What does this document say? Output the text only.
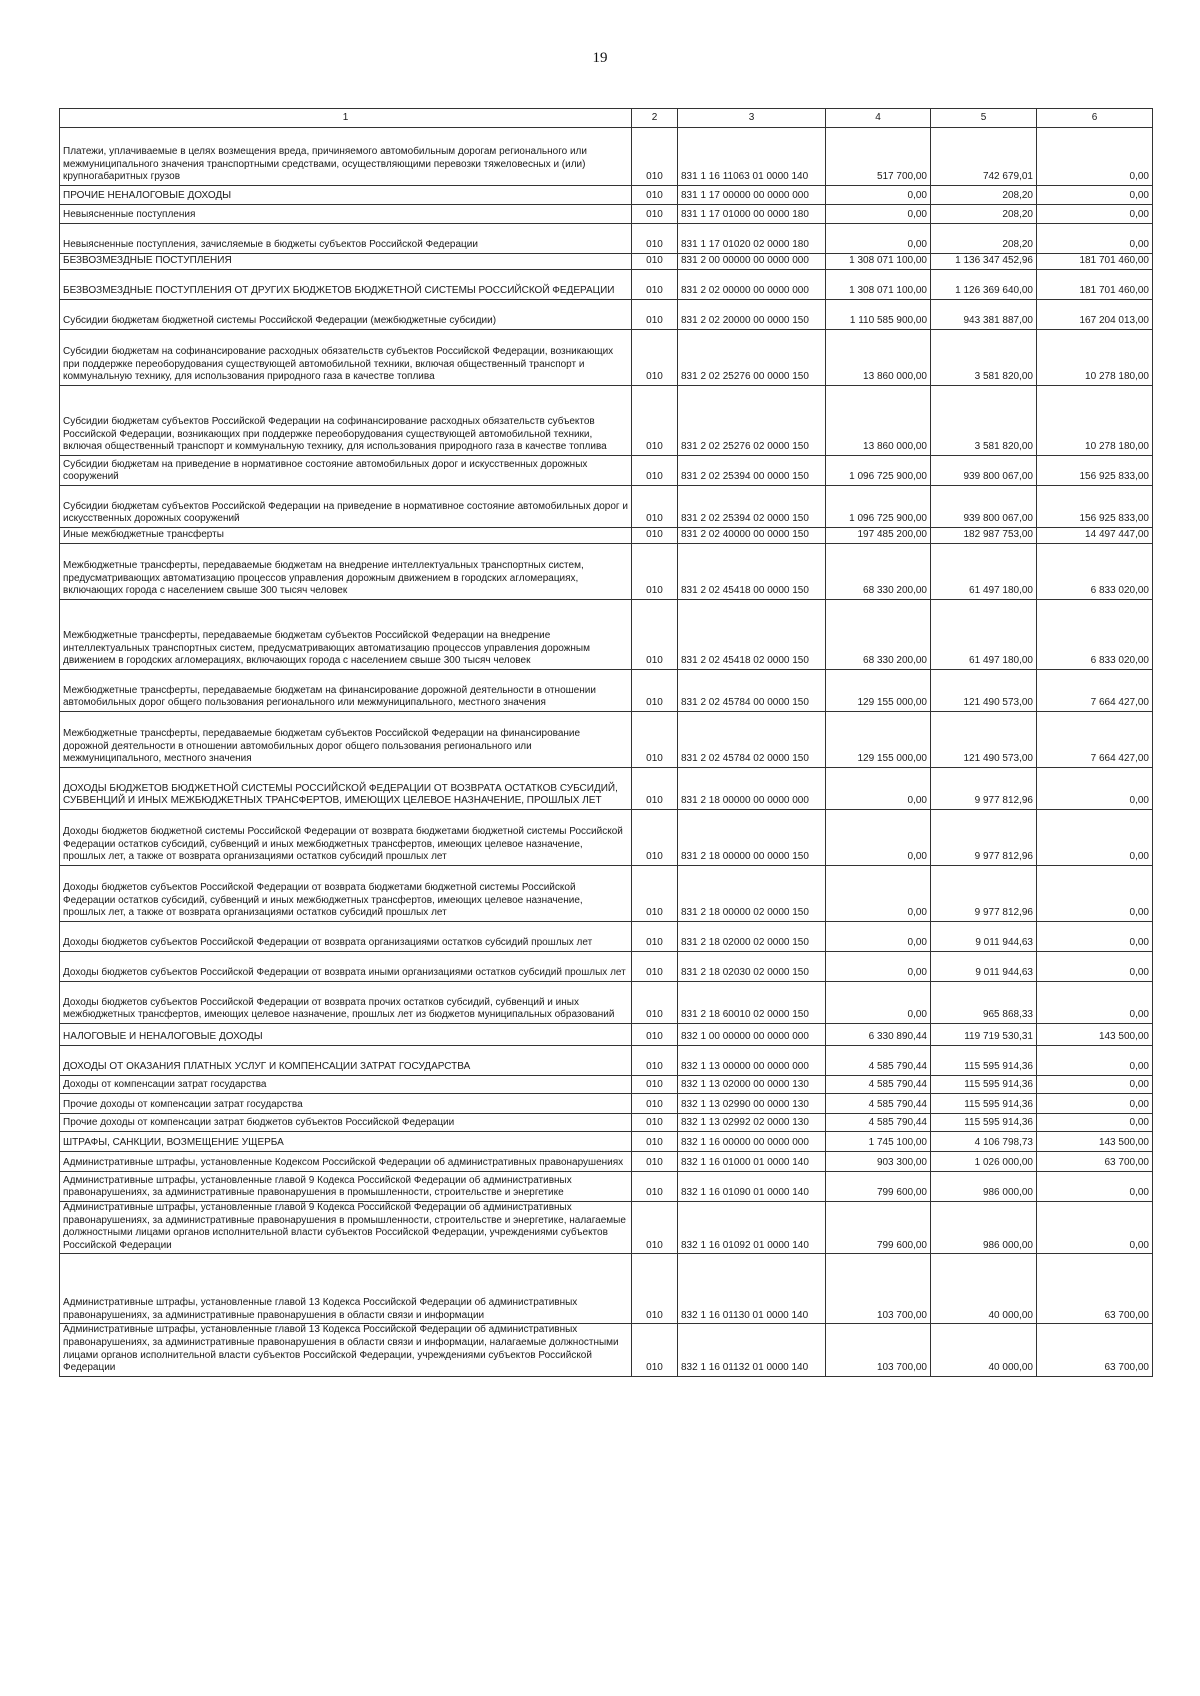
19
1	2	3	4	5	6
Платежи, уплачиваемые в целях возмещения вреда, причиняемого автомобильным дорогам регионального или межмуниципального значения транспортными средствами, осуществляющими перевозки тяжеловесных и (или) крупногабаритных грузов	010	831 1 16 11063 01 0000 140	517 700,00	742 679,01	0,00
ПРОЧИЕ НЕНАЛОГОВЫЕ ДОХОДЫ	010	831 1 17 00000 00 0000 000	0,00	208,20	0,00
Невыясненные поступления	010	831 1 17 01000 00 0000 180	0,00	208,20	0,00
Невыясненные поступления, зачисляемые в бюджеты субъектов Российской Федерации	010	831 1 17 01020 02 0000 180	0,00	208,20	0,00
БЕЗВОЗМЕЗДНЫЕ ПОСТУПЛЕНИЯ	010	831 2 00 00000 00 0000 000	1 308 071 100,00	1 136 347 452,96	181 701 460,00
БЕЗВОЗМЕЗДНЫЕ ПОСТУПЛЕНИЯ ОТ ДРУГИХ БЮДЖЕТОВ БЮДЖЕТНОЙ СИСТЕМЫ РОССИЙСКОЙ ФЕДЕРАЦИИ	010	831 2 02 00000 00 0000 000	1 308 071 100,00	1 126 369 640,00	181 701 460,00
Субсидии бюджетам бюджетной системы Российской Федерации (межбюджетные субсидии)	010	831 2 02 20000 00 0000 150	1 110 585 900,00	943 381 887,00	167 204 013,00
Субсидии бюджетам на софинансирование расходных обязательств субъектов Российской Федерации, возникающих при поддержке переоборудования существующей автомобильной техники, включая общественный транспорт и коммунальную технику, для использования природного газа в качестве топлива	010	831 2 02 25276 00 0000 150	13 860 000,00	3 581 820,00	10 278 180,00
Субсидии бюджетам субъектов Российской Федерации на софинансирование расходных обязательств субъектов Российской Федерации, возникающих при поддержке переоборудования существующей автомобильной техники, включая общественный транспорт и коммунальную технику, для использования природного газа в качестве топлива	010	831 2 02 25276 02 0000 150	13 860 000,00	3 581 820,00	10 278 180,00
Субсидии бюджетам на приведение в нормативное состояние автомобильных дорог и искусственных дорожных сооружений	010	831 2 02 25394 00 0000 150	1 096 725 900,00	939 800 067,00	156 925 833,00
Субсидии бюджетам субъектов Российской Федерации на приведение в нормативное состояние автомобильных дорог и искусственных дорожных сооружений	010	831 2 02 25394 02 0000 150	1 096 725 900,00	939 800 067,00	156 925 833,00
Иные межбюджетные трансферты	010	831 2 02 40000 00 0000 150	197 485 200,00	182 987 753,00	14 497 447,00
Межбюджетные трансферты, передаваемые бюджетам на внедрение интеллектуальных транспортных систем, предусматривающих автоматизацию процессов управления дорожным движением в городских агломерациях, включающих города с населением свыше 300 тысяч человек	010	831 2 02 45418 00 0000 150	68 330 200,00	61 497 180,00	6 833 020,00
Межбюджетные трансферты, передаваемые бюджетам субъектов Российской Федерации на внедрение интеллектуальных транспортных систем, предусматривающих автоматизацию процессов управления дорожным движением в городских агломерациях, включающих города с населением свыше 300 тысяч человек	010	831 2 02 45418 02 0000 150	68 330 200,00	61 497 180,00	6 833 020,00
Межбюджетные трансферты, передаваемые бюджетам на финансирование дорожной деятельности в отношении автомобильных дорог общего пользования регионального или межмуниципального, местного значения	010	831 2 02 45784 00 0000 150	129 155 000,00	121 490 573,00	7 664 427,00
Межбюджетные трансферты, передаваемые бюджетам субъектов Российской Федерации на финансирование дорожной деятельности в отношении автомобильных дорог общего пользования регионального или межмуниципального, местного значения	010	831 2 02 45784 02 0000 150	129 155 000,00	121 490 573,00	7 664 427,00
ДОХОДЫ БЮДЖЕТОВ БЮДЖЕТНОЙ СИСТЕМЫ РОССИЙСКОЙ ФЕДЕРАЦИИ ОТ ВОЗВРАТА ОСТАТКОВ СУБСИДИЙ, СУБВЕНЦИЙ И ИНЫХ МЕЖБЮДЖЕТНЫХ ТРАНСФЕРТОВ, ИМЕЮЩИХ ЦЕЛЕВОЕ НАЗНАЧЕНИЕ, ПРОШЛЫХ ЛЕТ	010	831 2 18 00000 00 0000 000	0,00	9 977 812,96	0,00
Доходы бюджетов бюджетной системы Российской Федерации от возврата бюджетами бюджетной системы Российской Федерации остатков субсидий, субвенций и иных межбюджетных трансфертов, имеющих целевое назначение, прошлых лет, а также от возврата организациями остатков субсидий прошлых лет	010	831 2 18 00000 00 0000 150	0,00	9 977 812,96	0,00
Доходы бюджетов субъектов Российской Федерации от возврата бюджетами бюджетной системы Российской Федерации остатков субсидий, субвенций и иных межбюджетных трансфертов, имеющих целевое назначение, прошлых лет, а также от возврата организациями остатков субсидий прошлых лет	010	831 2 18 00000 02 0000 150	0,00	9 977 812,96	0,00
Доходы бюджетов субъектов Российской Федерации от возврата организациями остатков субсидий прошлых лет	010	831 2 18 02000 02 0000 150	0,00	9 011 944,63	0,00
Доходы бюджетов субъектов Российской Федерации от возврата иными организациями остатков субсидий прошлых лет	010	831 2 18 02030 02 0000 150	0,00	9 011 944,63	0,00
Доходы бюджетов субъектов Российской Федерации от возврата прочих остатков субсидий, субвенций и иных межбюджетных трансфертов, имеющих целевое назначение, прошлых лет из бюджетов муниципальных образований	010	831 2 18 60010 02 0000 150	0,00	965 868,33	0,00
НАЛОГОВЫЕ И НЕНАЛОГОВЫЕ ДОХОДЫ	010	832 1 00 00000 00 0000 000	6 330 890,44	119 719 530,31	143 500,00
ДОХОДЫ ОТ ОКАЗАНИЯ ПЛАТНЫХ УСЛУГ И КОМПЕНСАЦИИ ЗАТРАТ ГОСУДАРСТВА	010	832 1 13 00000 00 0000 000	4 585 790,44	115 595 914,36	0,00
Доходы от компенсации затрат государства	010	832 1 13 02000 00 0000 130	4 585 790,44	115 595 914,36	0,00
Прочие доходы от компенсации затрат государства	010	832 1 13 02990 00 0000 130	4 585 790,44	115 595 914,36	0,00
Прочие доходы от компенсации затрат бюджетов субъектов Российской Федерации	010	832 1 13 02992 02 0000 130	4 585 790,44	115 595 914,36	0,00
ШТРАФЫ, САНКЦИИ, ВОЗМЕЩЕНИЕ УЩЕРБА	010	832 1 16 00000 00 0000 000	1 745 100,00	4 106 798,73	143 500,00
Административные штрафы, установленные Кодексом Российской Федерации об административных правонарушениях	010	832 1 16 01000 01 0000 140	903 300,00	1 026 000,00	63 700,00
Административные штрафы, установленные главой 9 Кодекса Российской Федерации об административных правонарушениях, за административные правонарушения в промышленности, строительстве и энергетике	010	832 1 16 01090 01 0000 140	799 600,00	986 000,00	0,00
Административные штрафы, установленные главой 9 Кодекса Российской Федерации об административных правонарушениях, за административные правонарушения в промышленности, строительстве и энергетике, налагаемые должностными лицами органов исполнительной власти субъектов Российской Федерации, учреждениями субъектов Российской Федерации	010	832 1 16 01092 01 0000 140	799 600,00	986 000,00	0,00
Административные штрафы, установленные главой 13 Кодекса Российской Федерации об административных правонарушениях, за административные правонарушения в области связи и информации	010	832 1 16 01130 01 0000 140	103 700,00	40 000,00	63 700,00
Административные штрафы, установленные главой 13 Кодекса Российской Федерации об административных правонарушениях, за административные правонарушения в области связи и информации, налагаемые должностными лицами органов исполнительной власти субъектов Российской Федерации, учреждениями субъектов Российской Федерации	010	832 1 16 01132 01 0000 140	103 700,00	40 000,00	63 700,00
